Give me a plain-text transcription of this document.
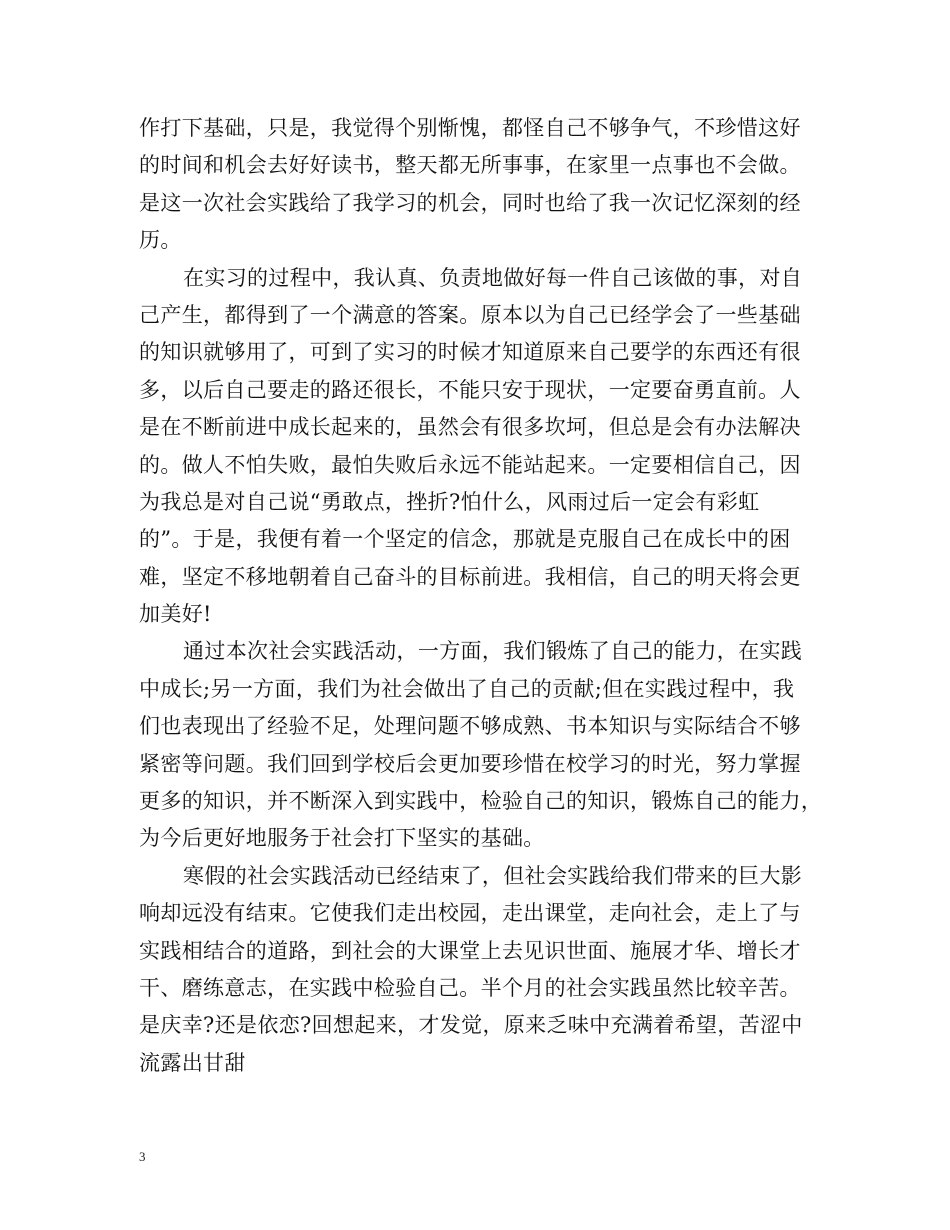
作打下基础，只是，我觉得个别惭愧，都怪自己不够争气，不珍惜这好
的时间和机会去好好读书，整天都无所事事，在家里一点事也不会做。
是这一次社会实践给了我学习的机会，同时也给了我一次记忆深刻的经
历。
在实习的过程中，我认真、负责地做好每一件自己该做的事，对自
己产生，都得到了一个满意的答案。原本以为自己已经学会了一些基础
的知识就够用了，可到了实习的时候才知道原来自己要学的东西还有很
多，以后自己要走的路还很长，不能只安于现状，一定要奋勇直前。人
是在不断前进中成长起来的，虽然会有很多坎坷，但总是会有办法解决
的。做人不怕失败，最怕失败后永远不能站起来。一定要相信自己，因
为我总是对自己说“勇敢点，挫折?怕什么，风雨过后一定会有彩虹
的”。于是，我便有着一个坚定的信念，那就是克服自己在成长中的困
难，坚定不移地朝着自己奋斗的目标前进。我相信，自己的明天将会更
加美好!
通过本次社会实践活动，一方面，我们锻炼了自己的能力，在实践
中成长;另一方面，我们为社会做出了自己的贡献;但在实践过程中，我
们也表现出了经验不足，处理问题不够成熟、书本知识与实际结合不够
紧密等问题。我们回到学校后会更加要珍惜在校学习的时光，努力掌握
更多的知识，并不断深入到实践中，检验自己的知识，锻炼自己的能力，
为今后更好地服务于社会打下坚实的基础。
寒假的社会实践活动已经结束了，但社会实践给我们带来的巨大影
响却远没有结束。它使我们走出校园，走出课堂，走向社会，走上了与
实践相结合的道路，到社会的大课堂上去见识世面、施展才华、增长才
干、磨练意志，在实践中检验自己。半个月的社会实践虽然比较辛苦。
是庆幸?还是依恋?回想起来，才发觉，原来乏味中充满着希望，苦涩中
流露出甘甜
3
